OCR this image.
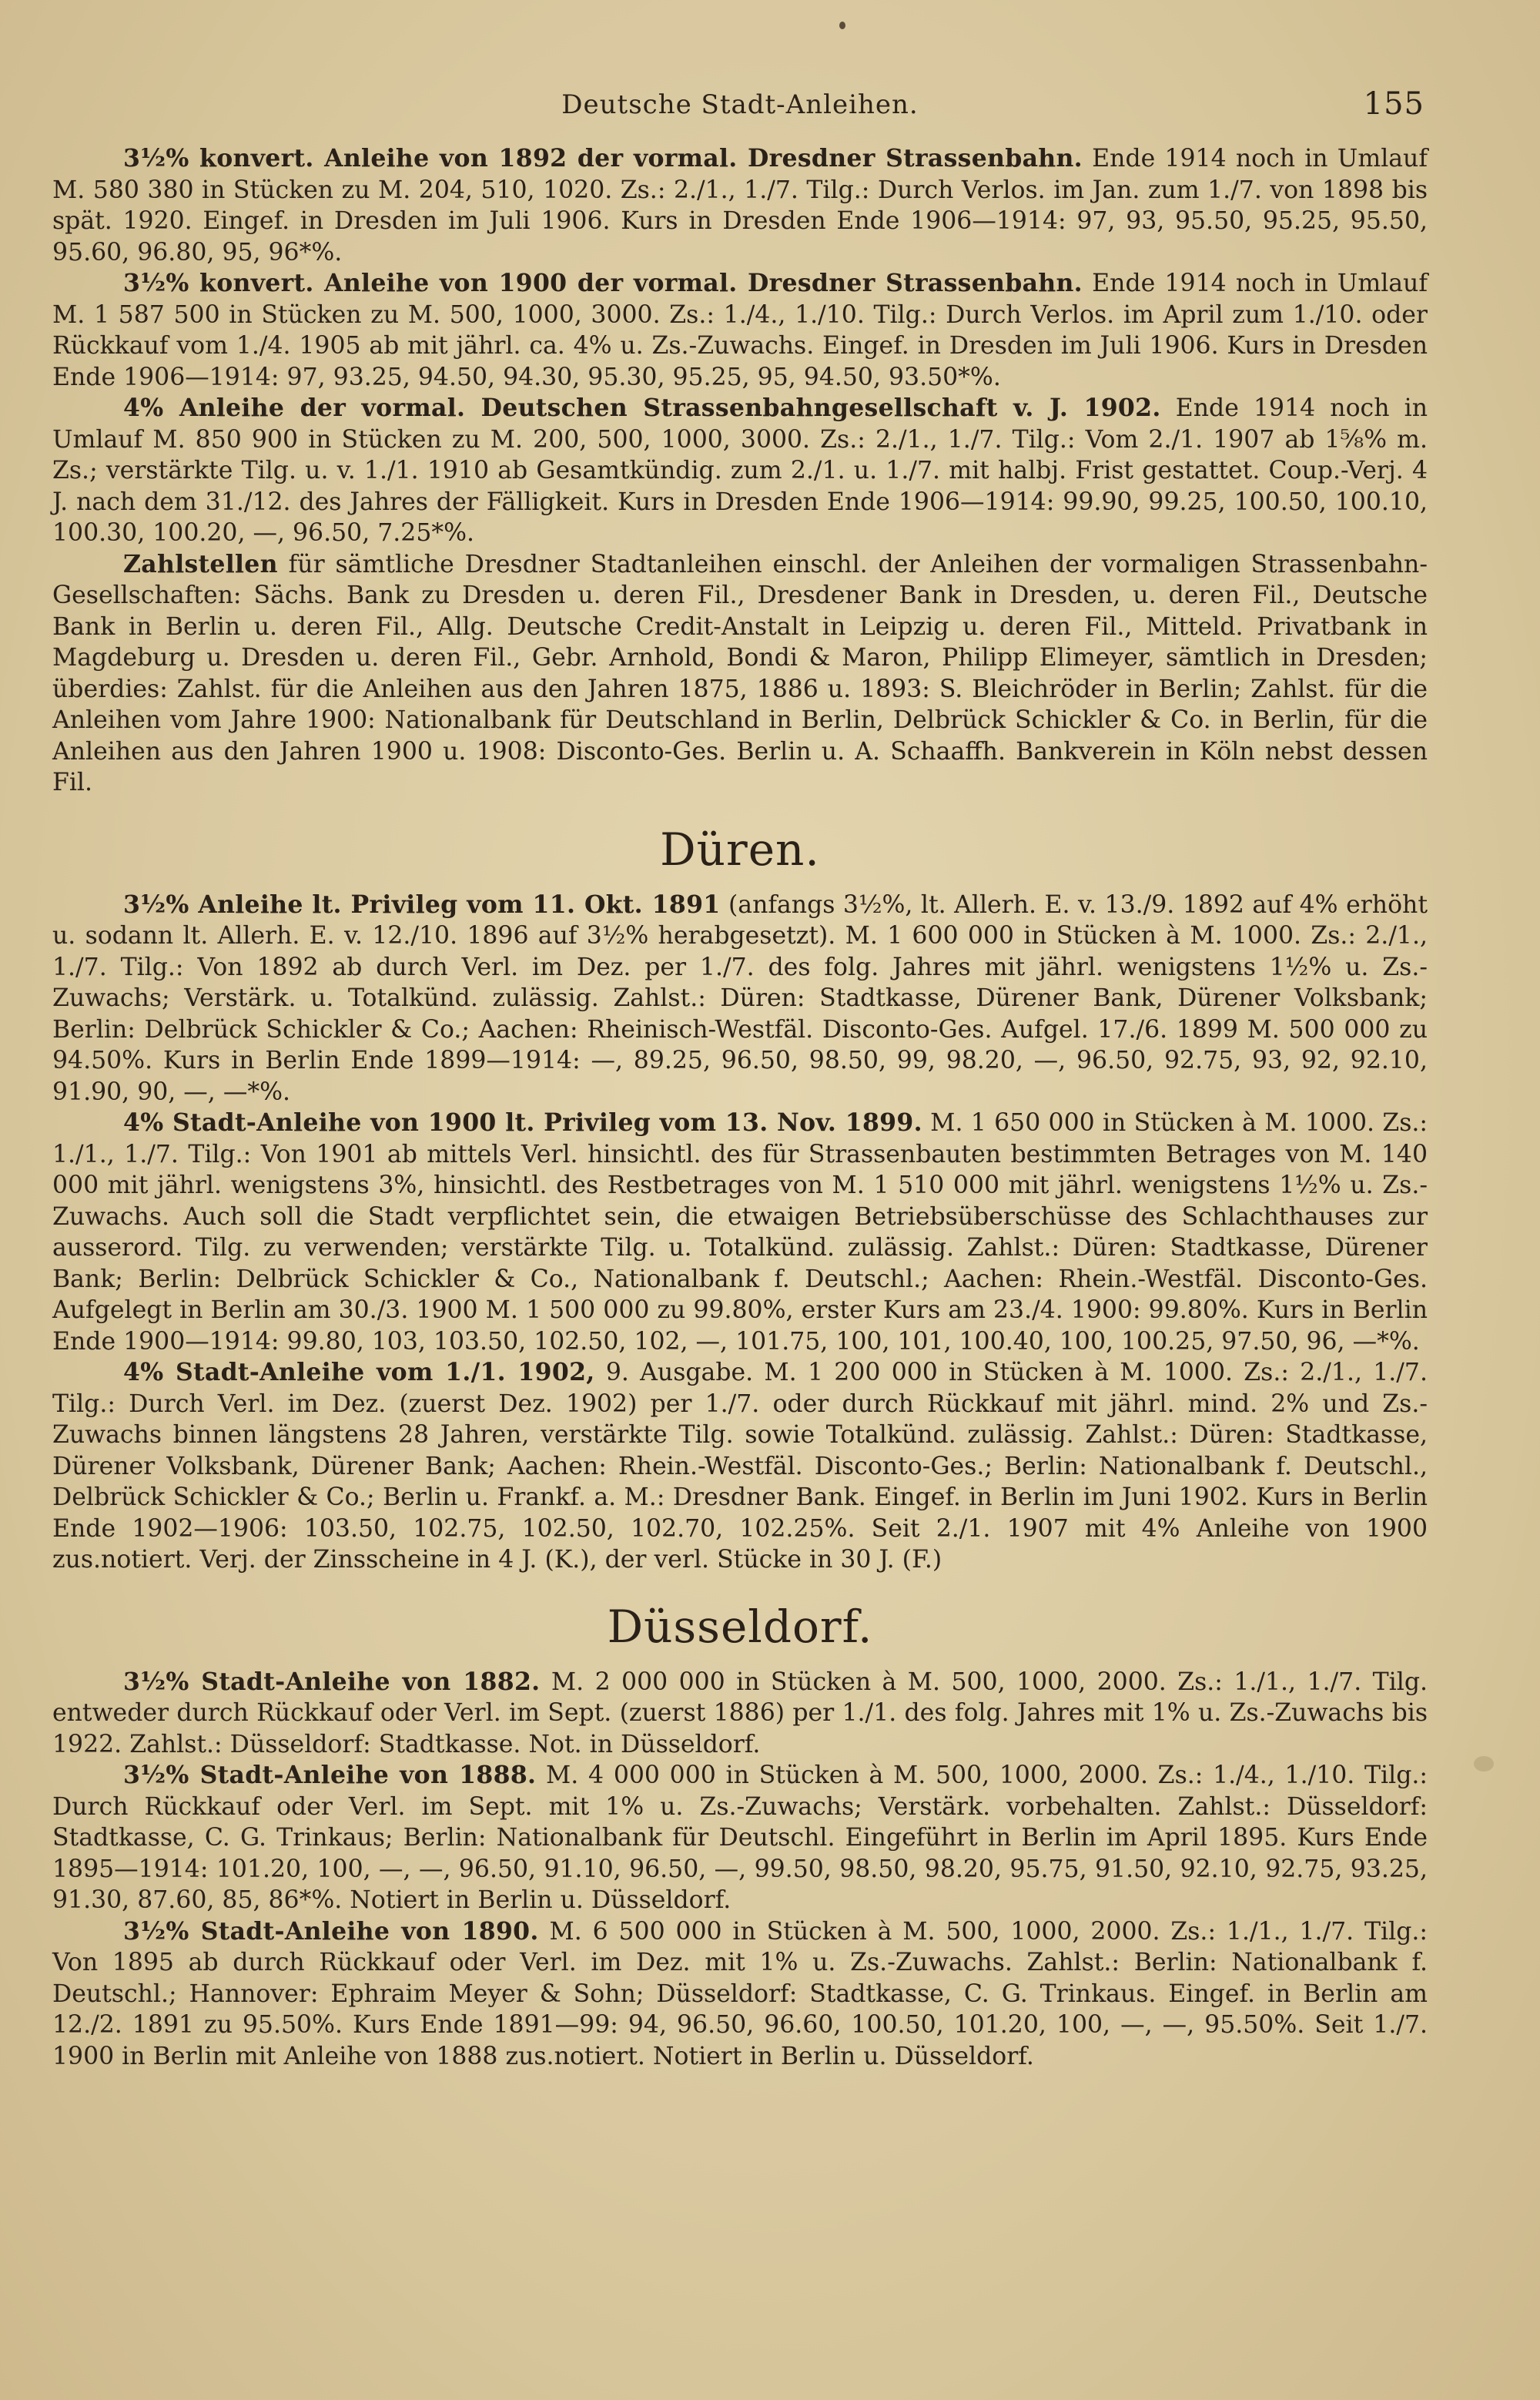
Deutsche Stadt-Anleihen.	155

3½% konvert. Anleihe von 1892 der vormal. Dresdner Strassenbahn. Ende 1914 noch in Umlauf M. 580 380 in Stücken zu M. 204, 510, 1020. Zs.: 2./1., 1./7. Tilg.: Durch Verlos. im Jan. zum 1./7. von 1898 bis spät. 1920. Eingef. in Dresden im Juli 1906. Kurs in Dresden Ende 1906—1914: 97, 93, 95.50, 95.25, 95.50, 95.60, 96.80, 95, 96*%.

3½% konvert. Anleihe von 1900 der vormal. Dresdner Strassenbahn. Ende 1914 noch in Umlauf M. 1 587 500 in Stücken zu M. 500, 1000, 3000. Zs.: 1./4., 1./10. Tilg.: Durch Verlos. im April zum 1./10. oder Rückkauf vom 1./4. 1905 ab mit jährl. ca. 4% u. Zs.-Zuwachs. Eingef. in Dresden im Juli 1906. Kurs in Dresden Ende 1906—1914: 97, 93.25, 94.50, 94.30, 95.30, 95.25, 95, 94.50, 93.50*%.

4% Anleihe der vormal. Deutschen Strassenbahngesellschaft v. J. 1902. Ende 1914 noch in Umlauf M. 850 900 in Stücken zu M. 200, 500, 1000, 3000. Zs.: 2./1., 1./7. Tilg.: Vom 2./1. 1907 ab 1⅝% m. Zs.; verstärkte Tilg. u. v. 1./1. 1910 ab Gesamtkündig. zum 2./1. u. 1./7. mit halbj. Frist gestattet. Coup.-Verj. 4 J. nach dem 31./12. des Jahres der Fälligkeit. Kurs in Dresden Ende 1906—1914: 99.90, 99.25, 100.50, 100.10, 100.30, 100.20, —, 96.50, 7.25*%.

Zahlstellen für sämtliche Dresdner Stadtanleihen einschl. der Anleihen der vormaligen Strassenbahn-Gesellschaften: Sächs. Bank zu Dresden u. deren Fil., Dresdener Bank in Dresden, u. deren Fil., Deutsche Bank in Berlin u. deren Fil., Allg. Deutsche Credit-Anstalt in Leipzig u. deren Fil., Mitteld. Privatbank in Magdeburg u. Dresden u. deren Fil., Gebr. Arnhold, Bondi & Maron, Philipp Elimeyer, sämtlich in Dresden; überdies: Zahlst. für die Anleihen aus den Jahren 1875, 1886 u. 1893: S. Bleichröder in Berlin; Zahlst. für die Anleihen vom Jahre 1900: Nationalbank für Deutschland in Berlin, Delbrück Schickler & Co. in Berlin, für die Anleihen aus den Jahren 1900 u. 1908: Disconto-Ges. Berlin u. A. Schaaffh. Bankverein in Köln nebst dessen Fil.

Düren.

3½% Anleihe lt. Privileg vom 11. Okt. 1891 (anfangs 3½%, lt. Allerh. E. v. 13./9. 1892 auf 4% erhöht u. sodann lt. Allerh. E. v. 12./10. 1896 auf 3½% herabgesetzt). M. 1 600 000 in Stücken à M. 1000. Zs.: 2./1., 1./7. Tilg.: Von 1892 ab durch Verl. im Dez. per 1./7. des folg. Jahres mit jährl. wenigstens 1½% u. Zs.-Zuwachs; Verstärk. u. Totalkünd. zulässig. Zahlst.: Düren: Stadtkasse, Dürener Bank, Dürener Volksbank; Berlin: Delbrück Schickler & Co.; Aachen: Rheinisch-Westfäl. Disconto-Ges. Aufgel. 17./6. 1899 M. 500 000 zu 94.50%. Kurs in Berlin Ende 1899—1914: —, 89.25, 96.50, 98.50, 99, 98.20, —, 96.50, 92.75, 93, 92, 92.10, 91.90, 90, —, —*%.

4% Stadt-Anleihe von 1900 lt. Privileg vom 13. Nov. 1899. M. 1 650 000 in Stücken à M. 1000. Zs.: 1./1., 1./7. Tilg.: Von 1901 ab mittels Verl. hinsichtl. des für Strassenbauten bestimmten Betrages von M. 140 000 mit jährl. wenigstens 3%, hinsichtl. des Restbetrages von M. 1 510 000 mit jährl. wenigstens 1½% u. Zs.-Zuwachs. Auch soll die Stadt verpflichtet sein, die etwaigen Betriebsüberschüsse des Schlachthauses zur ausserord. Tilg. zu verwenden; verstärkte Tilg. u. Totalkünd. zulässig. Zahlst.: Düren: Stadtkasse, Dürener Bank; Berlin: Delbrück Schickler & Co., Nationalbank f. Deutschl.; Aachen: Rhein.-Westfäl. Disconto-Ges. Aufgelegt in Berlin am 30./3. 1900 M. 1 500 000 zu 99.80%, erster Kurs am 23./4. 1900: 99.80%. Kurs in Berlin Ende 1900—1914: 99.80, 103, 103.50, 102.50, 102, —, 101.75, 100, 101, 100.40, 100, 100.25, 97.50, 96, —*%.

4% Stadt-Anleihe vom 1./1. 1902, 9. Ausgabe. M. 1 200 000 in Stücken à M. 1000. Zs.: 2./1., 1./7. Tilg.: Durch Verl. im Dez. (zuerst Dez. 1902) per 1./7. oder durch Rückkauf mit jährl. mind. 2% und Zs.-Zuwachs binnen längstens 28 Jahren, verstärkte Tilg. sowie Totalkünd. zulässig. Zahlst.: Düren: Stadtkasse, Dürener Volksbank, Dürener Bank; Aachen: Rhein.-Westfäl. Disconto-Ges.; Berlin: Nationalbank f. Deutschl., Delbrück Schickler & Co.; Berlin u. Frankf. a. M.: Dresdner Bank. Eingef. in Berlin im Juni 1902. Kurs in Berlin Ende 1902—1906: 103.50, 102.75, 102.50, 102.70, 102.25%. Seit 2./1. 1907 mit 4% Anleihe von 1900 zus.notiert. Verj. der Zinsscheine in 4 J. (K.), der verl. Stücke in 30 J. (F.)

Düsseldorf.

3½% Stadt-Anleihe von 1882. M. 2 000 000 in Stücken à M. 500, 1000, 2000. Zs.: 1./1., 1./7. Tilg. entweder durch Rückkauf oder Verl. im Sept. (zuerst 1886) per 1./1. des folg. Jahres mit 1% u. Zs.-Zuwachs bis 1922. Zahlst.: Düsseldorf: Stadtkasse. Not. in Düsseldorf.

3½% Stadt-Anleihe von 1888. M. 4 000 000 in Stücken à M. 500, 1000, 2000. Zs.: 1./4., 1./10. Tilg.: Durch Rückkauf oder Verl. im Sept. mit 1% u. Zs.-Zuwachs; Verstärk. vorbehalten. Zahlst.: Düsseldorf: Stadtkasse, C. G. Trinkaus; Berlin: Nationalbank für Deutschl. Eingeführt in Berlin im April 1895. Kurs Ende 1895—1914: 101.20, 100, —, —, 96.50, 91.10, 96.50, —, 99.50, 98.50, 98.20, 95.75, 91.50, 92.10, 92.75, 93.25, 91.30, 87.60, 85, 86*%. Notiert in Berlin u. Düsseldorf.

3½% Stadt-Anleihe von 1890. M. 6 500 000 in Stücken à M. 500, 1000, 2000. Zs.: 1./1., 1./7. Tilg.: Von 1895 ab durch Rückkauf oder Verl. im Dez. mit 1% u. Zs.-Zuwachs. Zahlst.: Berlin: Nationalbank f. Deutschl.; Hannover: Ephraim Meyer & Sohn; Düsseldorf: Stadtkasse, C. G. Trinkaus. Eingef. in Berlin am 12./2. 1891 zu 95.50%. Kurs Ende 1891—99: 94, 96.50, 96.60, 100.50, 101.20, 100, —, —, 95.50%. Seit 1./7. 1900 in Berlin mit Anleihe von 1888 zus.notiert. Notiert in Berlin u. Düsseldorf.
